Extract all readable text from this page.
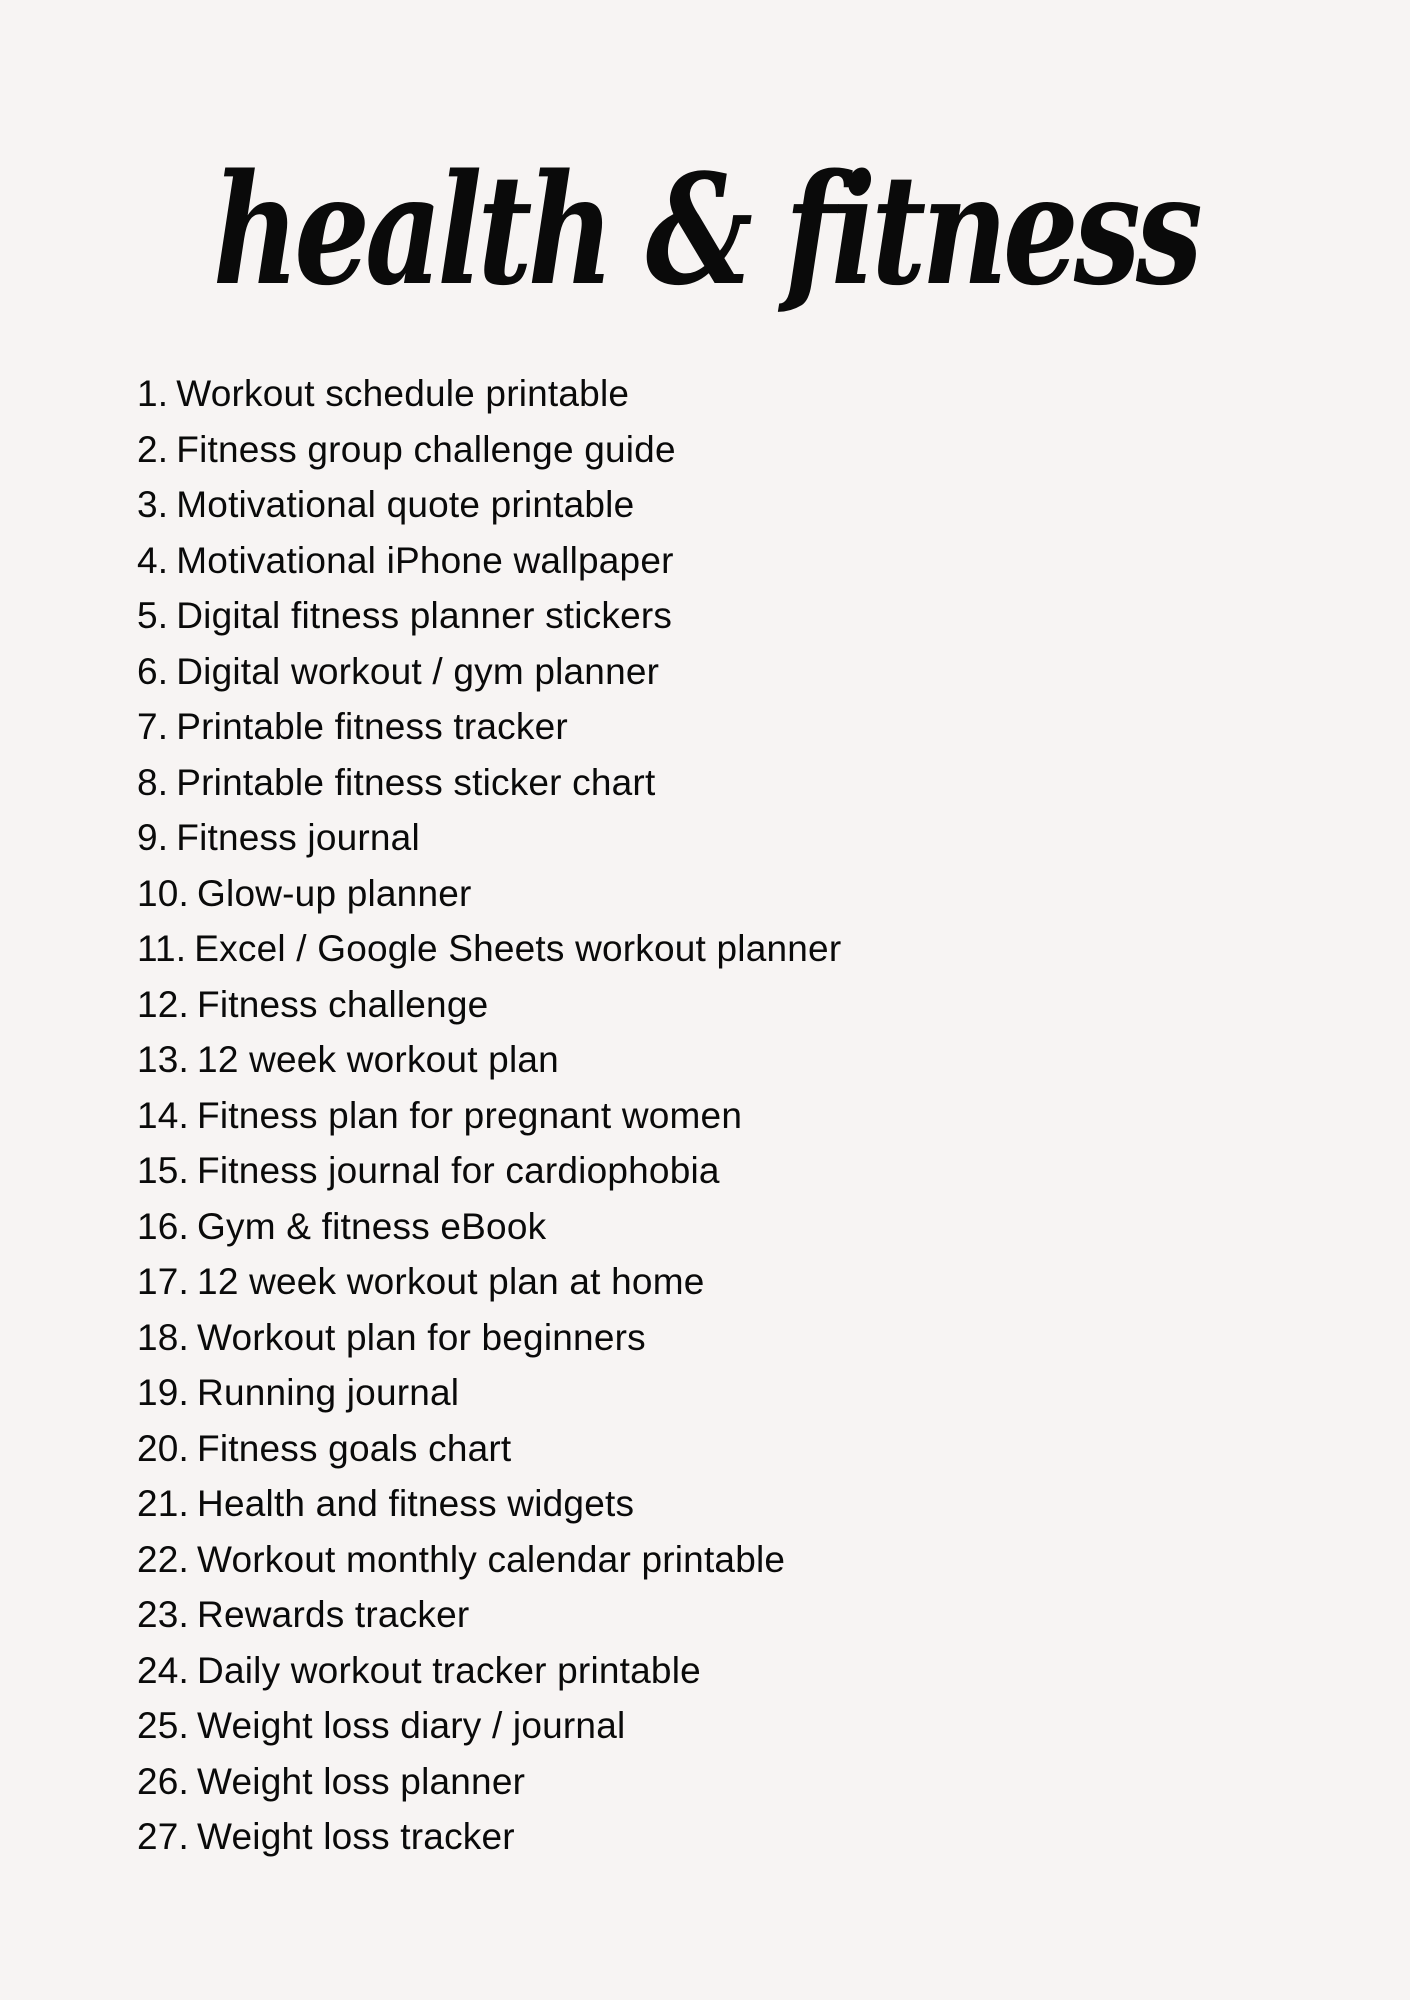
health & fitness
1. Workout schedule printable
2. Fitness group challenge guide
3. Motivational quote printable
4. Motivational iPhone wallpaper
5. Digital fitness planner stickers
6. Digital workout / gym planner
7. Printable fitness tracker
8. Printable fitness sticker chart
9. Fitness journal
10. Glow-up planner
11. Excel / Google Sheets workout planner
12. Fitness challenge
13. 12 week workout plan
14. Fitness plan for pregnant women
15. Fitness journal for cardiophobia
16. Gym & fitness eBook
17. 12 week workout plan at home
18. Workout plan for beginners
19. Running journal
20. Fitness goals chart
21. Health and fitness widgets
22. Workout monthly calendar printable
23. Rewards tracker
24. Daily workout tracker printable
25. Weight loss diary / journal
26. Weight loss planner
27. Weight loss tracker
